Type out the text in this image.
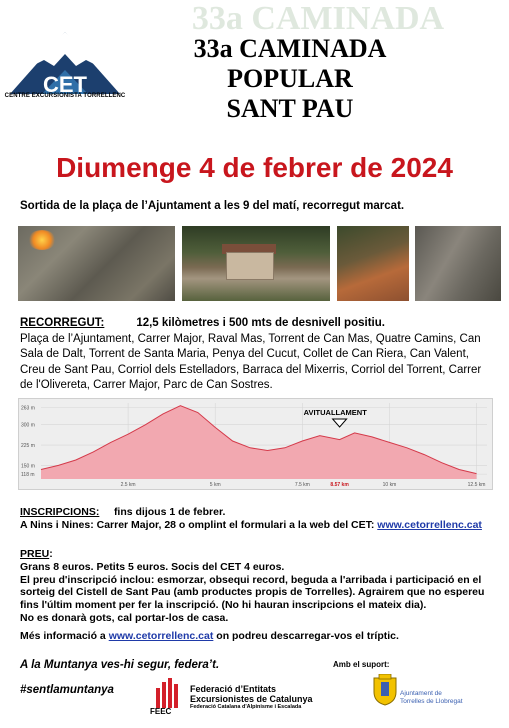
CET
CENTRE EXCURSIONISTA TORRELLENC
33a CAMINADA
33a CAMINADA
POPULAR
SANT PAU
Diumenge 4 de febrer de 2024
Sortida de la plaça de l’Ajuntament a les 9 del matí, recorregut marcat.
RECORREGUT:	12,5 kilòmetres i 500 mts de desnivell positiu.
Plaça de l’Ajuntament, Carrer Major, Raval Mas, Torrent de Can Mas, Quatre Camins, Can Sala de Dalt, Torrent de Santa Maria, Penya del Cucut, Collet de Can Riera, Can Valent, Creu de Sant Pau, Corriol dels Estelladors, Barraca del Mixerris, Corriol del Torrent, Carrer de l'Olivereta, Carrer Major, Parc de Can Sostres.
263 m
300 m
225 m
150 m
118 m
2.5 km	5 km	7.5 km	8.57 km	10 km	12.5 km
AVITUALLAMENT
INSCRIPCIONS: fins dijous 1 de febrer.
A Nins i Nines: Carrer Major, 28 o omplint el formulari a la web del CET: www.cetorrellenc.cat
PREU:
Grans 8 euros. Petits 5 euros. Socis del CET 4 euros.
El preu d'inscripció inclou: esmorzar, obsequi record, beguda a l'arribada i participació en el sorteig del Cistell de Sant Pau (amb productes propis de Torrelles). Agrairem que no espereu fins l'últim moment per fer la inscripció. (No hi hauran inscripcions el mateix dia).
No es donarà gots, cal portar-los de casa.
Més informació a www.cetorrellenc.cat on podreu descarregar-vos el tríptic.
A la Muntanya ves-hi segur, federa’t.
#sentlamuntanya
Amb el suport:
FEEC
Federació d’Entitats
Excursionistes de Catalunya
Federació Catalana d'Alpinisme i Escalada
Ajuntament de
Torrelles de Llobregat
